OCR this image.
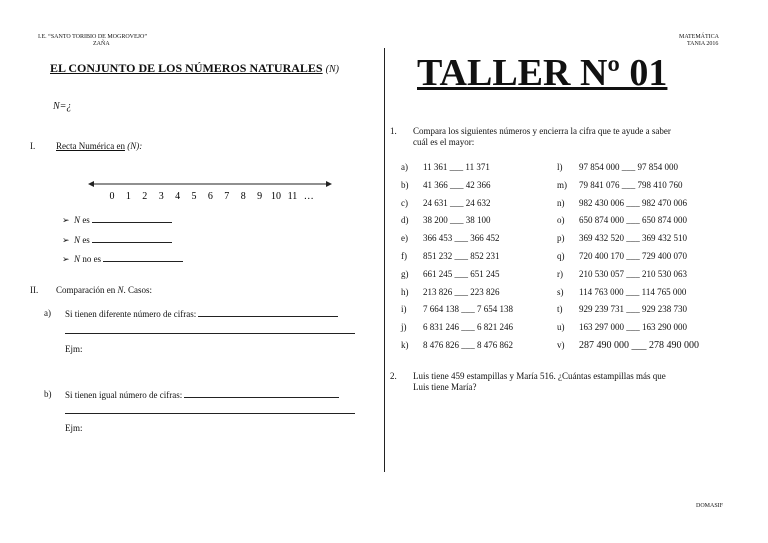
I.E. “SANTO TORIBIO DE MOGROVEJO”
ZAÑA
MATEMÁTICA
TANIA 2016
EL CONJUNTO DE LOS NÚMEROS NATURALES (N)
N=¿
I. Recta Numérica en (N):
0 1 2 3 4 5 6 7 8 9 10 11 …
➢ N es
➢ N es
➢ N no es
II. Comparación en N. Casos:
a) Si tienen diferente número de cifras:
Ejm:
b) Si tienen igual número de cifras:
Ejm:
TALLER Nº 01
1. Compara los siguientes números y encierra la cifra que te ayude a saber
cuál es el mayor:
a) 11 361 ___ 11 371
b) 41 366 ___ 42 366
c) 24 631 ___ 24 632
d) 38 200 ___ 38 100
e) 366 453 ___ 366 452
f) 851 232 ___ 852 231
g) 661 245 ___ 651 245
h) 213 826 ___ 223 826
i) 7 664 138 ___ 7 654 138
j) 6 831 246 ___ 6 821 246
k) 8 476 826 ___ 8 476 862
l) 97 854 000 ___ 97 854 000
m) 79 841 076 ___ 798 410 760
n) 982 430 006 ___ 982 470 006
o) 650 874 000 ___ 650 874 000
p) 369 432 520 ___ 369 432 510
q) 720 400 170 ___ 729 400 070
r) 210 530 057 ___ 210 530 063
s) 114 763 000 ___ 114 765 000
t) 929 239 731 ___ 929 238 730
u) 163 297 000 ___ 163 290 000
v) 287 490 000 ___ 278 490 000
2. Luis tiene 459 estampillas y María 516. ¿Cuántas estampillas más que
Luis tiene María?
DOMASIF
